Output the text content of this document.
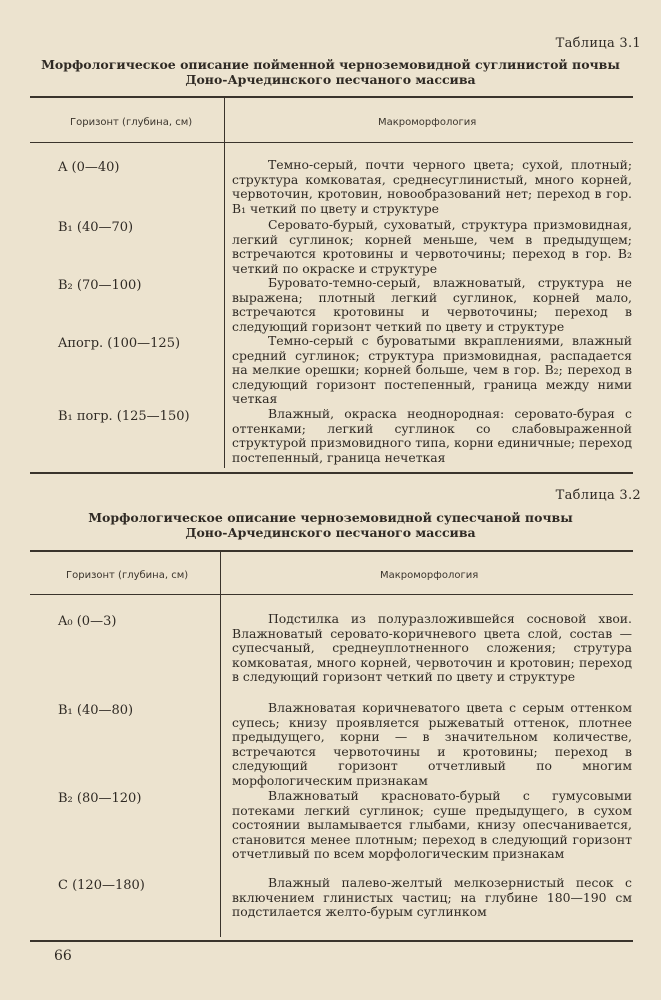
Таблица 3.1
Морфологическое описание пойменной черноземовидной суглинистой почвы
Доно-Арчединского песчаного массива
Горизонт (глубина, см)	Макроморфология
A (0—40)	Темно-серый, почти черного цвета; сухой, плотный; структура комковатая, среднесуглинистый, много корней, червоточин, кротовин, новообразований нет; переход в гор. B₁ четкий по цвету и структуре
B₁ (40—70)	Серовато-бурый, суховатый, структура призмовидная, легкий суглинок; корней меньше, чем в предыдущем; встречаются кротовины и червоточины; переход в гор. B₂ четкий по окраске и структуре
B₂ (70—100)	Буровато-темно-серый, влажноватый, структура не выражена; плотный легкий суглинок, корней мало, встречаются кротовины и червоточины; переход в следующий горизонт четкий по цвету и структуре
Aпогр. (100—125)	Темно-серый с буроватыми вкраплениями, влажный средний суглинок; структура призмовидная, распадается на мелкие орешки; корней больше, чем в гор. B₂; переход в следующий горизонт постепенный, граница между ними четкая
B₁ погр. (125—150)	Влажный, окраска неоднородная: серовато-бурая с оттенками; легкий суглинок со слабовыраженной структурой призмовидного типа, корни единичные; переход постепенный, граница нечеткая
Таблица 3.2
Морфологическое описание черноземовидной супесчаной почвы
Доно-Арчединского песчаного массива
Горизонт (глубина, см)	Макроморфология
A₀ (0—3)	Подстилка из полуразложившейся сосновой хвои. Влажноватый серовато-коричневого цвета слой, состав — супесчаный, среднеуплотненного сложения; струтура комковатая, много корней, червоточин и кротовин; переход в следующий горизонт четкий по цвету и структуре
B₁ (40—80)	Влажноватая коричневатого цвета с серым оттенком супесь; книзу проявляется рыжеватый оттенок, плотнее предыдущего, корни — в значительном количестве, встречаются червоточины и кротовины; переход в следующий горизонт отчетливый по многим морфологическим признакам
B₂ (80—120)	Влажноватый красновато-бурый с гумусовыми потеками легкий суглинок; суше предыдущего, в сухом состоянии выламывается глыбами, книзу опесчанивается, становится менее плотным; переход в следующий горизонт отчетливый по всем морфологическим признакам
C (120—180)	Влажный палево-желтый мелкозернистый песок с включением глинистых частиц; на глубине 180—190 см подстилается желто-бурым суглинком
66
